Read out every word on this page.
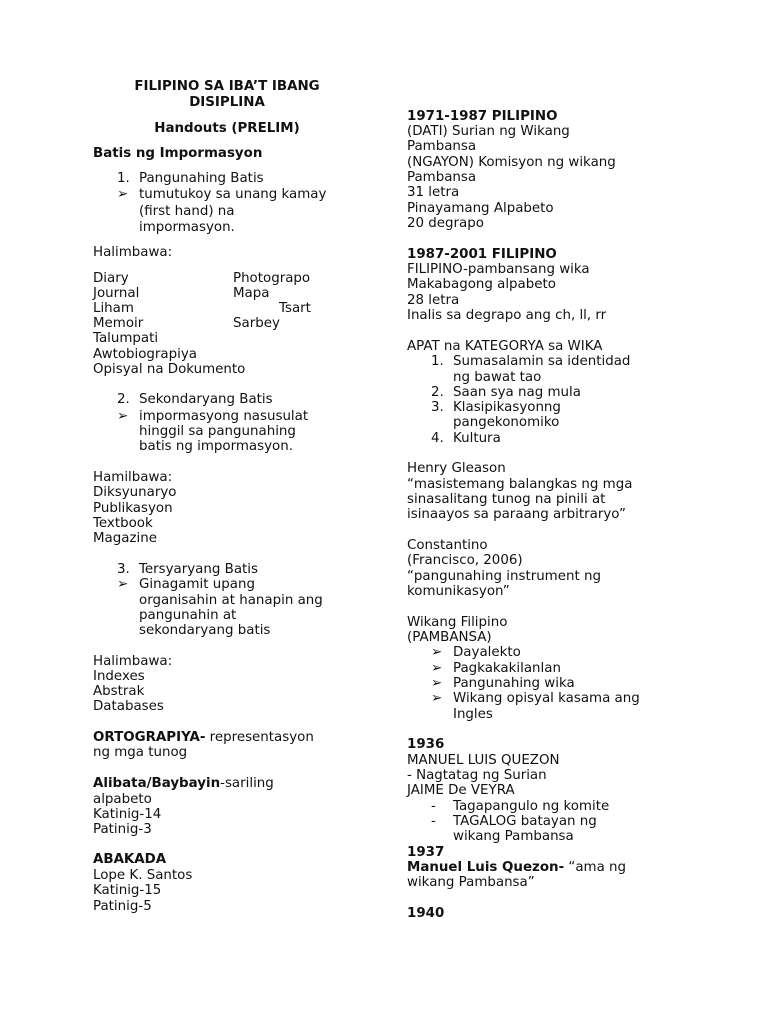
FILIPINO SA IBA’T IBANG
DISIPLINA
Handouts (PRELIM)
Batis ng Impormasyon
1. Pangunahing Batis
➢ tumutukoy sa unang kamay
(first hand) na
impormasyon.
Halimbawa:
Diary	Photograpo
Journal	Mapa
Liham	Tsart
Memoir	Sarbey
Talumpati
Awtobiograpiya
Opisyal na Dokumento
2. Sekondaryang Batis
➢ impormasyong nasusulat
hinggil sa pangunahing
batis ng impormasyon.
Hamilbawa:
Diksyunaryo
Publikasyon
Textbook
Magazine
3. Tersyaryang Batis
➢ Ginagamit upang
organisahin at hanapin ang
pangunahin at
sekondaryang batis
Halimbawa:
Indexes
Abstrak
Databases
ORTOGRAPIYA- representasyon
ng mga tunog
Alibata/Baybayin-sariling
alpabeto
Katinig-14
Patinig-3
ABAKADA
Lope K. Santos
Katinig-15
Patinig-5
1971-1987 PILIPINO
(DATI) Surian ng Wikang
Pambansa
(NGAYON) Komisyon ng wikang
Pambansa
31 letra
Pinayamang Alpabeto
20 degrapo
1987-2001 FILIPINO
FILIPINO-pambansang wika
Makabagong alpabeto
28 letra
Inalis sa degrapo ang ch, ll, rr
APAT na KATEGORYA sa WIKA
1. Sumasalamin sa identidad
ng bawat tao
2. Saan sya nag mula
3. Klasipikasyonng
pangekonomiko
4. Kultura
Henry Gleason
“masistemang balangkas ng mga
sinasalitang tunog na pinili at
isinaayos sa paraang arbitraryo”
Constantino
(Francisco, 2006)
“pangunahing instrument ng
komunikasyon”
Wikang Filipino
(PAMBANSA)
➢ Dayalekto
➢ Pagkakakilanlan
➢ Pangunahing wika
➢ Wikang opisyal kasama ang
Ingles
1936
MANUEL LUIS QUEZON
- Nagtatag ng Surian
JAIME De VEYRA
- Tagapangulo ng komite
- TAGALOG batayan ng
wikang Pambansa
1937
Manuel Luis Quezon- “ama ng
wikang Pambansa”
1940
